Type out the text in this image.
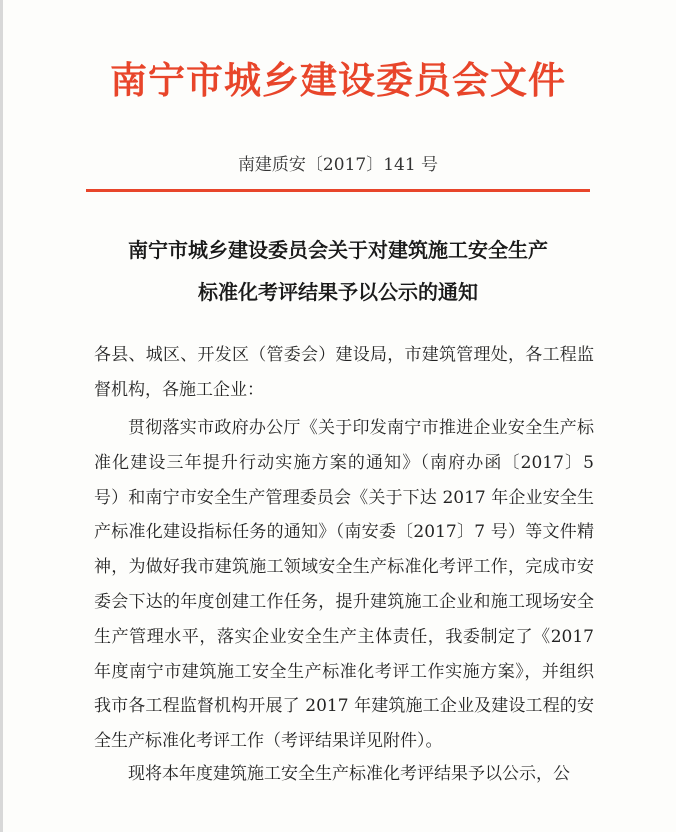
南宁市城乡建设委员会文件
南建质安〔2017〕141 号
南宁市城乡建设委员会关于对建筑施工安全生产
标准化考评结果予以公示的通知
各县、城区、开发区（管委会）建设局，市建筑管理处，各工程监督机构，各施工企业：
贯彻落实市政府办公厅《关于印发南宁市推进企业安全生产标准化建设三年提升行动实施方案的通知》（南府办函〔2017〕5 号）和南宁市安全生产管理委员会《关于下达 2017 年企业安全生产标准化建设指标任务的通知》（南安委〔2017〕7 号）等文件精神，为做好我市建筑施工领域安全生产标准化考评工作，完成市安委会下达的年度创建工作任务，提升建筑施工企业和施工现场安全生产管理水平，落实企业安全生产主体责任，我委制定了《2017 年度南宁市建筑施工安全生产标准化考评工作实施方案》，并组织我市各工程监督机构开展了 2017 年建筑施工企业及建设工程的安全生产标准化考评工作（考评结果详见附件）。
现将本年度建筑施工安全生产标准化考评结果予以公示，公
